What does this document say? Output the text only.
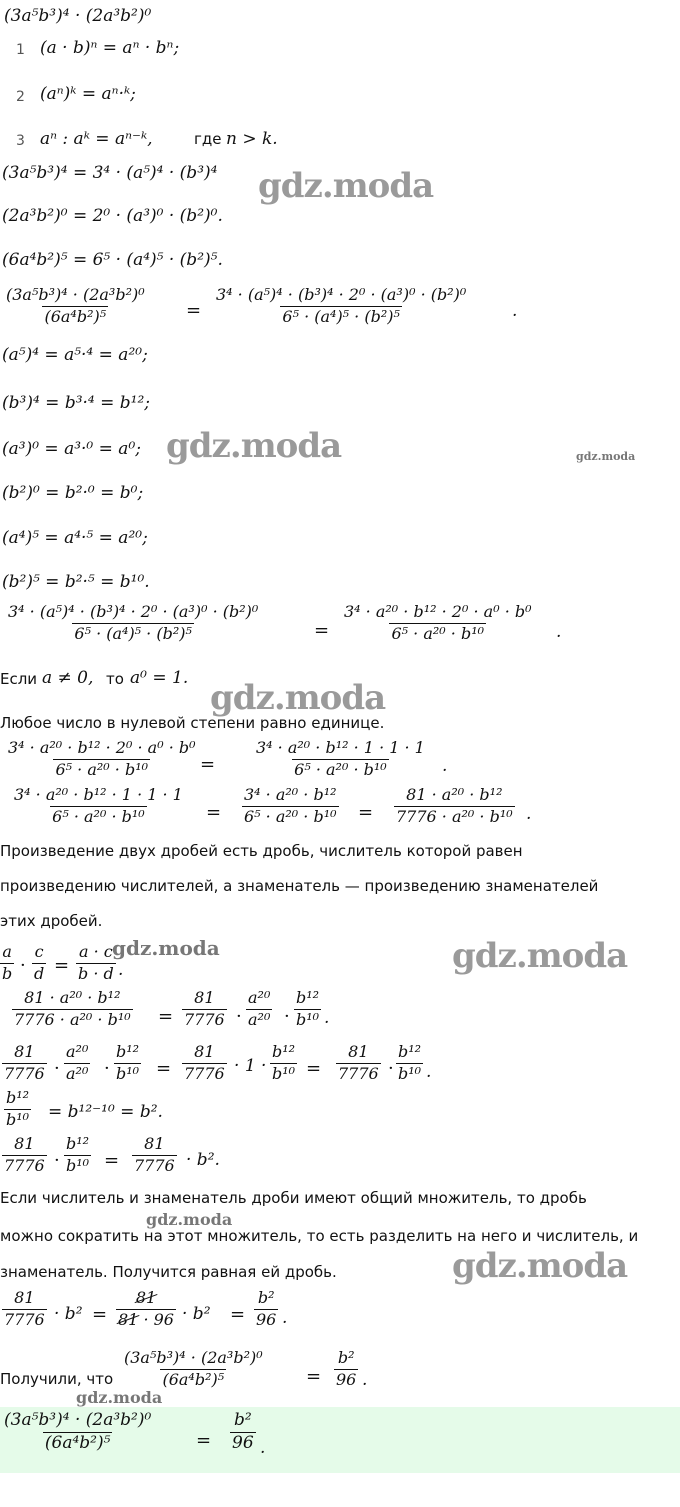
(3a⁵b³)⁴ · (2a³b²)⁰
1 (a · b)ⁿ = aⁿ · bⁿ;
2 (aⁿ)ᵏ = aⁿ·ᵏ;
3 aⁿ : aᵏ = aⁿ⁻ᵏ,	где n > k.
(3a⁵b³)⁴ = 3⁴ · (a⁵)⁴ · (b³)⁴
(2a³b²)⁰ = 2⁰ · (a³)⁰ · (b²)⁰.
(6a⁴b²)⁵ = 6⁵ · (a⁴)⁵ · (b²)⁵.
$\frac{\text{(3a⁵b³)⁴ · (2a³b²)⁰}}{\text{(6a⁴b²)⁵}} = \frac{\text{3⁴ · (a⁵)⁴ · (b³)⁴ · 2⁰ · (a³)⁰ · (b²)⁰}}{\text{6⁵ · (a⁴)⁵ · (b²)⁵}}$	.
(a⁵)⁴ = a⁵·⁴ = a²⁰;
(b³)⁴ = b³·⁴ = b¹²;
(a³)⁰ = a³·⁰ = a⁰;
(b²)⁰ = b²·⁰ = b⁰;
(a⁴)⁵ = a⁴·⁵ = a²⁰;
(b²)⁵ = b²·⁵ = b¹⁰.
$\frac{\text{3⁴ · (a⁵)⁴ · (b³)⁴ · 2⁰ · (a³)⁰ · (b²)⁰}}{\text{6⁵ · (a⁴)⁵ · (b²)⁵}}$	= $\frac{\text{3⁴ · a²⁰ · b¹² · 2⁰ · a⁰ · b⁰}}{\text{6⁵ · a²⁰ · b¹⁰}}$ .
Если a ≠ 0, то a⁰ = 1.
Любое число в нулевой степени равно единице.
$\frac{\text{3⁴ · a²⁰ · b¹² · 2⁰ · a⁰ · b⁰}}{\text{6⁵ · a²⁰ · b¹⁰}} = \frac{\text{3⁴ · a²⁰ · b¹² · 1 · 1 · 1}}{\text{6⁵ · a²⁰ · b¹⁰}}$ .
$\frac{\text{3⁴ · a²⁰ · b¹² · 1 · 1 · 1}}{\text{6⁵ · a²⁰ · b¹⁰}} = \frac{\text{3⁴ · a²⁰ · b¹²}}{\text{6⁵ · a²⁰ · b¹⁰}} = \frac{\text{81 · a²⁰ · b¹²}}{\text{7776 · a²⁰ · b¹⁰}}$ .
Произведение двух дробей есть дробь, числитель которой равен
произведению числителей, а знаменатель — произведению знаменателей
этих дробей.
$\frac{a}{b} \cdot \frac{c}{d} = \frac{a \cdot c}{b \cdot d}$ .
$\frac{\text{81 · a²⁰ · b¹²}}{\text{7776 · a²⁰ · b¹⁰}} = \frac{81}{7776} \cdot \frac{\text{a²⁰}}{\text{a²⁰}} \cdot \frac{\text{b¹²}}{\text{b¹⁰}}$ .
$\frac{81}{7776} \cdot \frac{\text{a²⁰}}{\text{a²⁰}} \cdot \frac{\text{b¹²}}{\text{b¹⁰}} = \frac{81}{7776} \cdot 1 \cdot \frac{\text{b¹²}}{\text{b¹⁰}} = \frac{81}{7776} \cdot \frac{\text{b¹²}}{\text{b¹⁰}}$ .
$\frac{\text{b¹²}}{\text{b¹⁰}} = b^{12-10} = b^2$.
$\frac{81}{7776} \cdot \frac{\text{b¹²}}{\text{b¹⁰}} = \frac{81}{7776} \cdot b^2$.
Если числитель и знаменатель дроби имеют общий множитель, то дробь
можно сократить на этот множитель, то есть разделить на него и числитель, и
знаменатель. Получится равная ей дробь.
$\frac{81}{7776} \cdot b^2 = \frac{81}{81 \cdot 96} \cdot b^2 = \frac{\text{b²}}{96}$ .
Получили, что $\frac{\text{(3a⁵b³)⁴ · (2a³b²)⁰}}{\text{(6a⁴b²)⁵}} = \frac{\text{b²}}{96}$ .
$\frac{\text{(3a⁵b³)⁴ · (2a³b²)⁰}}{\text{(6a⁴b²)⁵}} = \frac{\text{b²}}{96}$ .
gdz.moda
gdz.moda	gdz.moda
gdz.moda
gdz.moda	gdz.moda
gdz.moda
gdz.moda
gdz.moda
